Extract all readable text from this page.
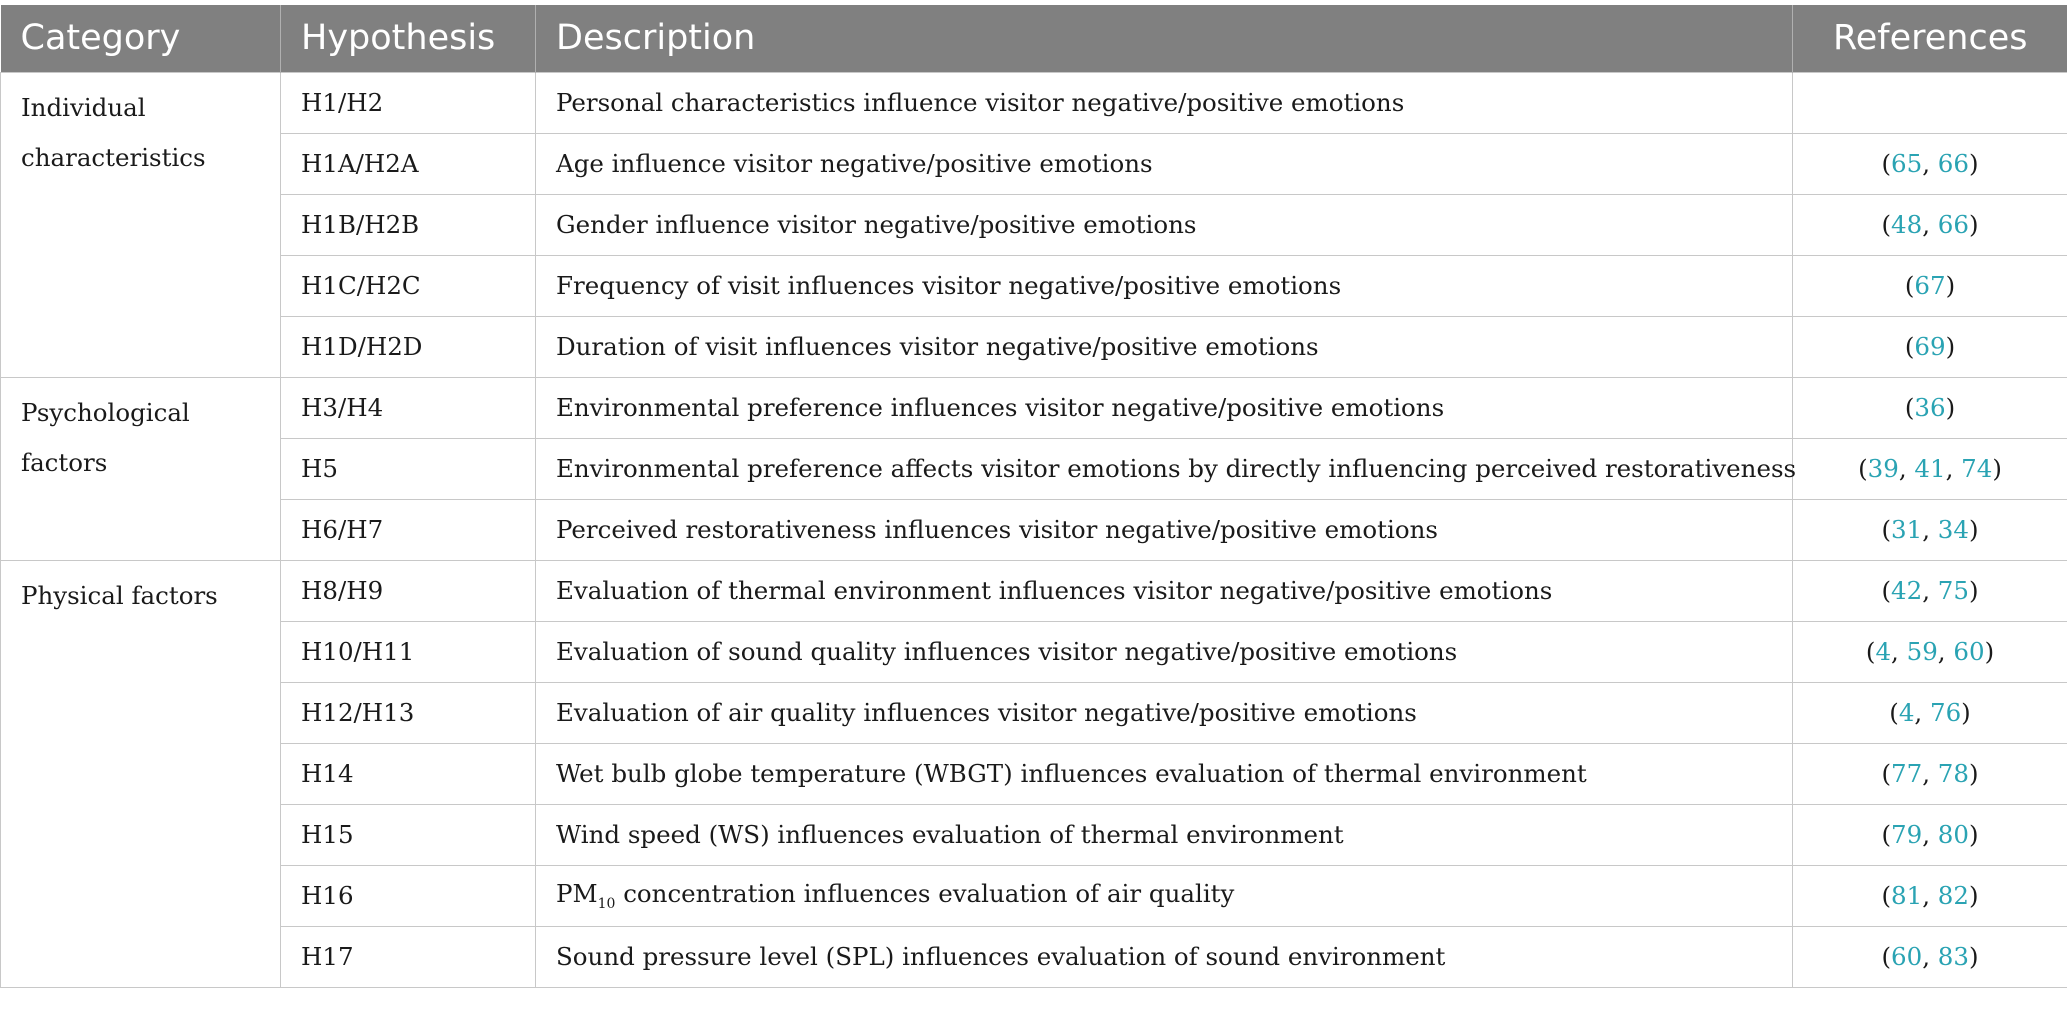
Category	Hypothesis	Description	References
Individual characteristics	H1/H2	Personal characteristics influence visitor negative/positive emotions	
	H1A/H2A	Age influence visitor negative/positive emotions	(65, 66)
	H1B/H2B	Gender influence visitor negative/positive emotions	(48, 66)
	H1C/H2C	Frequency of visit influences visitor negative/positive emotions	(67)
	H1D/H2D	Duration of visit influences visitor negative/positive emotions	(69)
Psychological factors	H3/H4	Environmental preference influences visitor negative/positive emotions	(36)
	H5	Environmental preference affects visitor emotions by directly influencing perceived restorativeness	(39, 41, 74)
	H6/H7	Perceived restorativeness influences visitor negative/positive emotions	(31, 34)
Physical factors	H8/H9	Evaluation of thermal environment influences visitor negative/positive emotions	(42, 75)
	H10/H11	Evaluation of sound quality influences visitor negative/positive emotions	(4, 59, 60)
	H12/H13	Evaluation of air quality influences visitor negative/positive emotions	(4, 76)
	H14	Wet bulb globe temperature (WBGT) influences evaluation of thermal environment	(77, 78)
	H15	Wind speed (WS) influences evaluation of thermal environment	(79, 80)
	H16	$PM_{10}$ concentration influences evaluation of air quality	(81, 82)
	H17	Sound pressure level (SPL) influences evaluation of sound environment	(60, 83)
